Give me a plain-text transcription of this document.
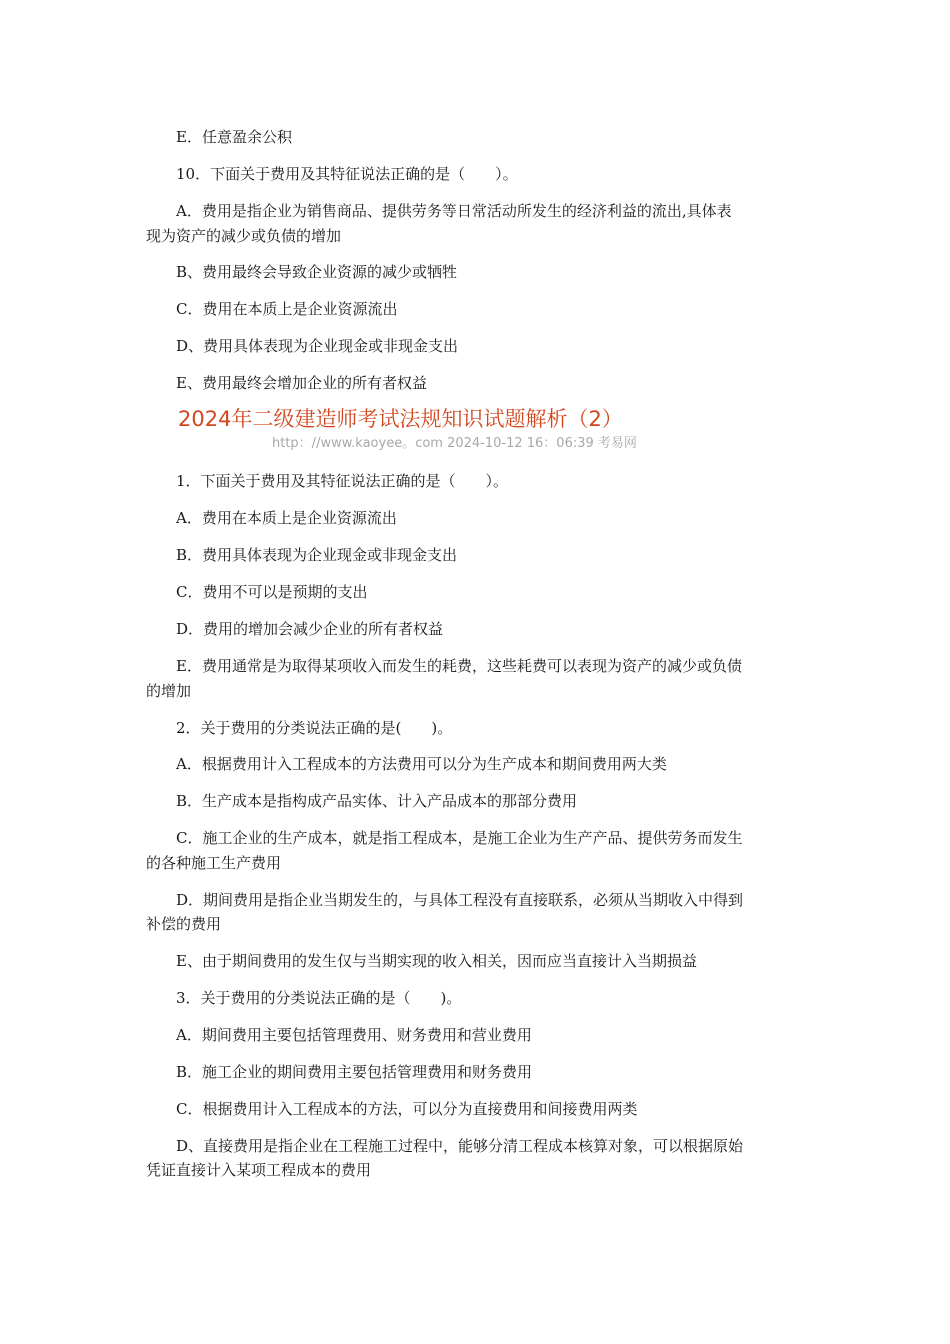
E．任意盈余公积
10．下面关于费用及其特征说法正确的是（　　）。
A．费用是指企业为销售商品、提供劳务等日常活动所发生的经济利益的流出,具体表
现为资产的减少或负债的增加
B、费用最终会导致企业资源的减少或牺牲
C．费用在本质上是企业资源流出
D、费用具体表现为企业现金或非现金支出
E、费用最终会增加企业的所有者权益
2024年二级建造师考试法规知识试题解析（2）
http：//www.kaoyee。com 2024-10-12 16：06:39 考易网
1．下面关于费用及其特征说法正确的是（　　）。
A．费用在本质上是企业资源流出
B．费用具体表现为企业现金或非现金支出
C．费用不可以是预期的支出
D．费用的增加会减少企业的所有者权益
E．费用通常是为取得某项收入而发生的耗费，这些耗费可以表现为资产的减少或负债
的增加
2．关于费用的分类说法正确的是(　　)。
A．根据费用计入工程成本的方法费用可以分为生产成本和期间费用两大类
B．生产成本是指构成产品实体、计入产品成本的那部分费用
C．施工企业的生产成本，就是指工程成本，是施工企业为生产产品、提供劳务而发生
的各种施工生产费用
D．期间费用是指企业当期发生的，与具体工程没有直接联系，必须从当期收入中得到
补偿的费用
E、由于期间费用的发生仅与当期实现的收入相关，因而应当直接计入当期损益
3．关于费用的分类说法正确的是（　　)。
A．期间费用主要包括管理费用、财务费用和营业费用
B．施工企业的期间费用主要包括管理费用和财务费用
C．根据费用计入工程成本的方法，可以分为直接费用和间接费用两类
D、直接费用是指企业在工程施工过程中，能够分清工程成本核算对象，可以根据原始
凭证直接计入某项工程成本的费用
